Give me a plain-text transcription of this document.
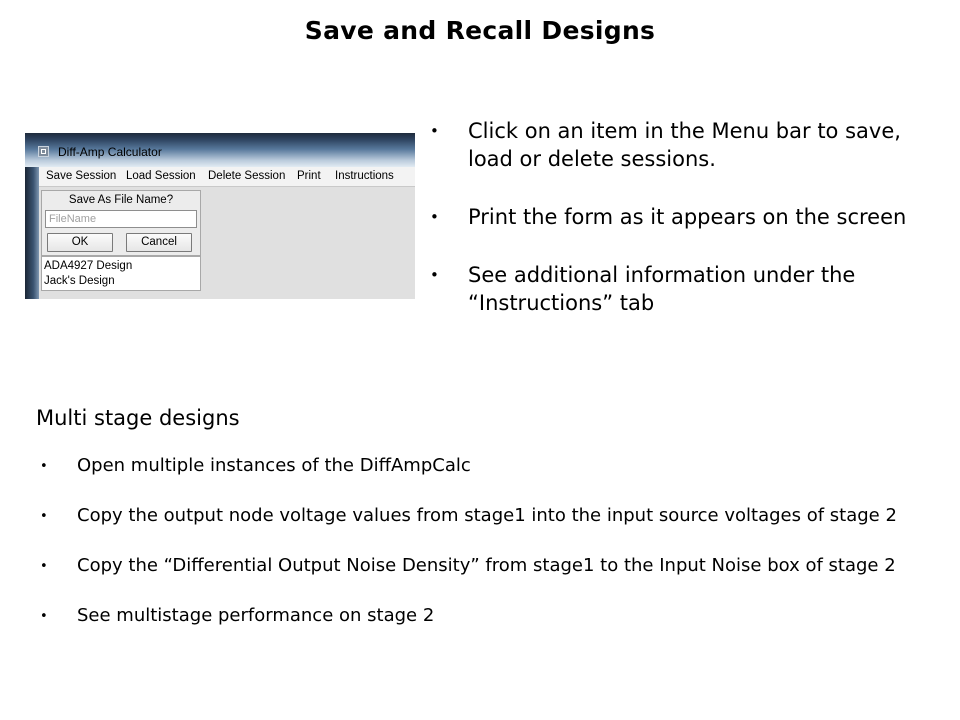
Save and Recall Designs
Diff-Amp Calculator
Save Session Load Session Delete Session Print Instructions
Save As File Name?
FileName
OK	Cancel
ADA4927 Design
Jack's Design
• Click on an item in the Menu bar to save, load or delete sessions.
• Print the form as it appears on the screen
• See additional information under the “Instructions” tab
Multi stage designs
• Open multiple instances of the DiffAmpCalc
• Copy the output node voltage values from stage1 into the input source voltages of stage 2
• Copy the “Differential Output Noise Density” from stage1 to the Input Noise box of stage 2
• See multistage performance on stage 2
